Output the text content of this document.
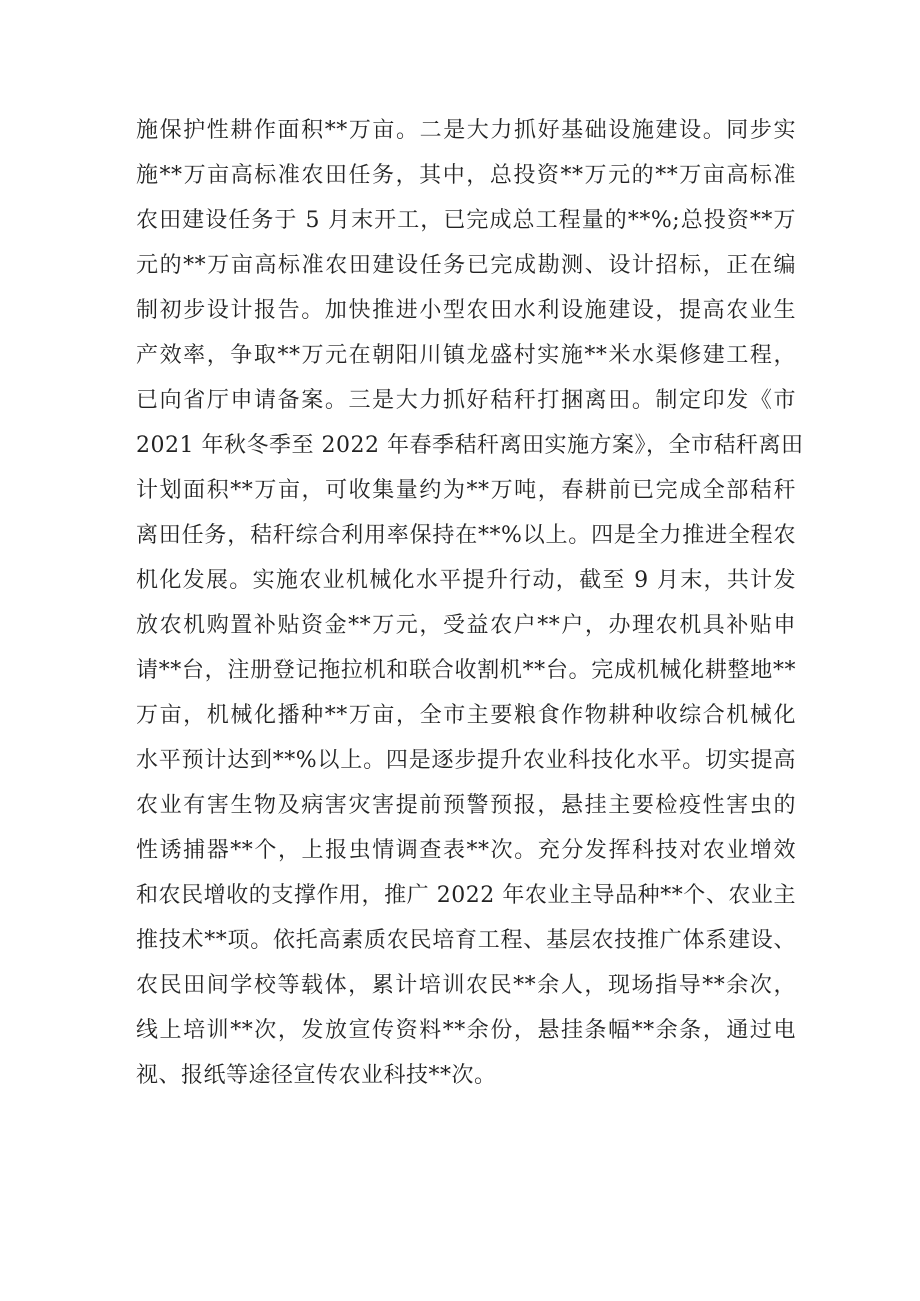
施保护性耕作面积**万亩。二是大力抓好基础设施建设。同步实
施**万亩高标准农田任务，其中，总投资**万元的**万亩高标准
农田建设任务于 5 月末开工，已完成总工程量的**%;总投资**万
元的**万亩高标准农田建设任务已完成勘测、设计招标，正在编
制初步设计报告。加快推进小型农田水利设施建设，提高农业生
产效率，争取**万元在朝阳川镇龙盛村实施**米水渠修建工程，
已向省厅申请备案。三是大力抓好秸秆打捆离田。制定印发《市
2021 年秋冬季至 2022 年春季秸秆离田实施方案》，全市秸秆离田
计划面积**万亩，可收集量约为**万吨，春耕前已完成全部秸秆
离田任务，秸秆综合利用率保持在**%以上。四是全力推进全程农
机化发展。实施农业机械化水平提升行动，截至 9 月末，共计发
放农机购置补贴资金**万元，受益农户**户，办理农机具补贴申
请**台，注册登记拖拉机和联合收割机**台。完成机械化耕整地**
万亩，机械化播种**万亩，全市主要粮食作物耕种收综合机械化
水平预计达到**%以上。四是逐步提升农业科技化水平。切实提高
农业有害生物及病害灾害提前预警预报，悬挂主要检疫性害虫的
性诱捕器**个，上报虫情调查表**次。充分发挥科技对农业增效
和农民增收的支撑作用，推广 2022 年农业主导品种**个、农业主
推技术**项。依托高素质农民培育工程、基层农技推广体系建设、
农民田间学校等载体，累计培训农民**余人，现场指导**余次，
线上培训**次，发放宣传资料**余份，悬挂条幅**余条，通过电
视、报纸等途径宣传农业科技**次。
